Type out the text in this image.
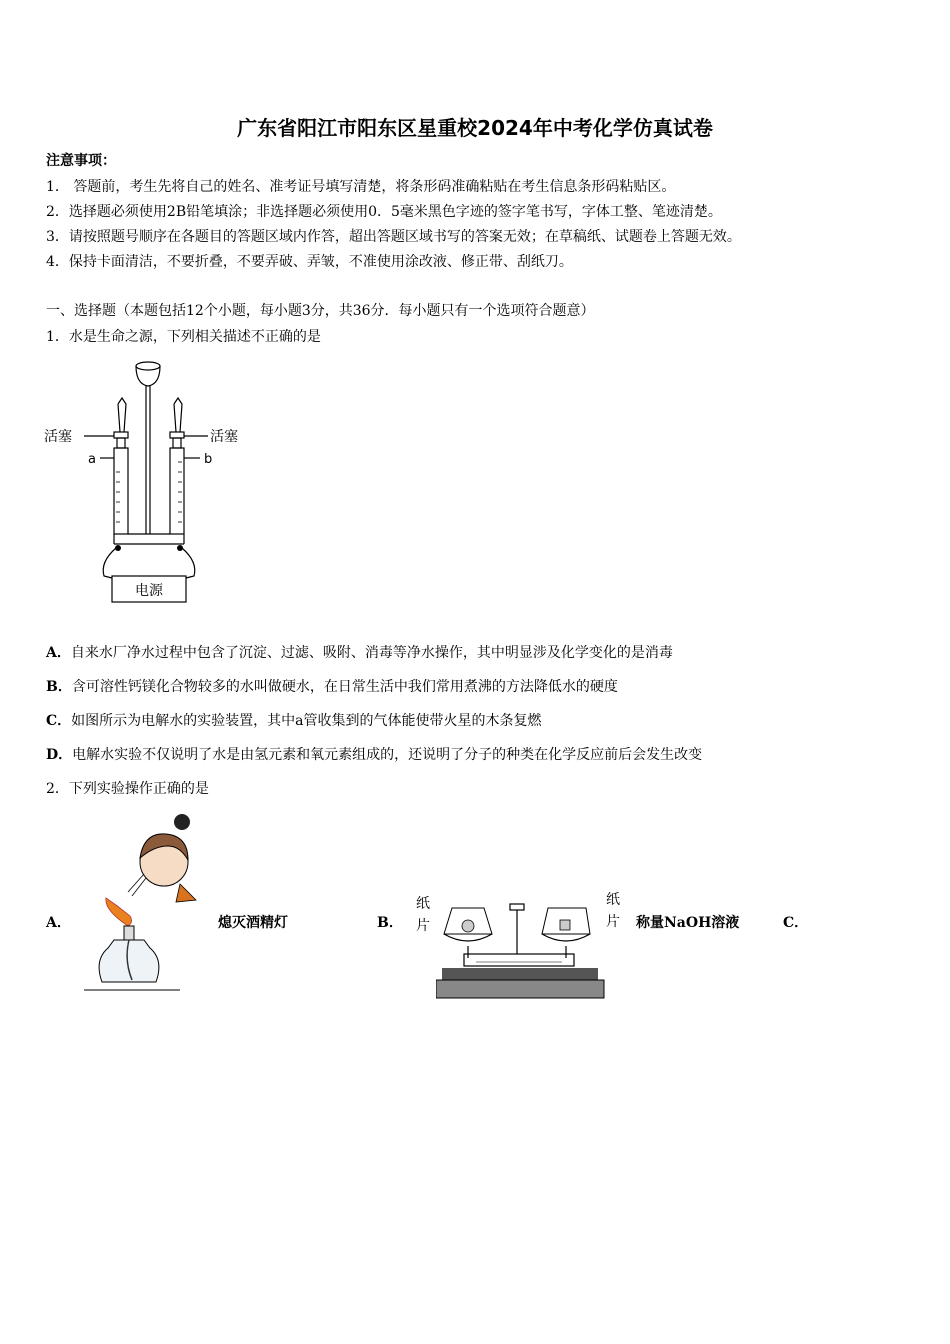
广东省阳江市阳东区星重校2024年中考化学仿真试卷
注意事项：
1． 答题前，考生先将自己的姓名、准考证号填写清楚，将条形码准确粘贴在考生信息条形码粘贴区。
2．选择题必须使用2B铅笔填涂；非选择题必须使用0．5毫米黑色字迹的签字笔书写，字体工整、笔迹清楚。
3．请按照题号顺序在各题目的答题区域内作答，超出答题区域书写的答案无效；在草稿纸、试题卷上答题无效。
4．保持卡面清洁，不要折叠，不要弄破、弄皱，不准使用涂改液、修正带、刮纸刀。
一、选择题（本题包括12个小题，每小题3分，共36分．每小题只有一个选项符合题意）
1．水是生命之源，下列相关描述不正确的是
活塞	活塞
a	b
电源
A．自来水厂净水过程中包含了沉淀、过滤、吸附、消毒等净水操作，其中明显涉及化学变化的是消毒
B．含可溶性钙镁化合物较多的水叫做硬水，在日常生活中我们常用煮沸的方法降低水的硬度
C．如图所示为电解水的实验装置，其中a管收集到的气体能使带火星的木条复燃
D．电解水实验不仅说明了水是由氢元素和氧元素组成的，还说明了分子的种类在化学反应前后会发生改变
2．下列实验操作正确的是
A．	熄灭酒精灯	B．
纸
片
纸
片 称量NaOH溶液	C．
